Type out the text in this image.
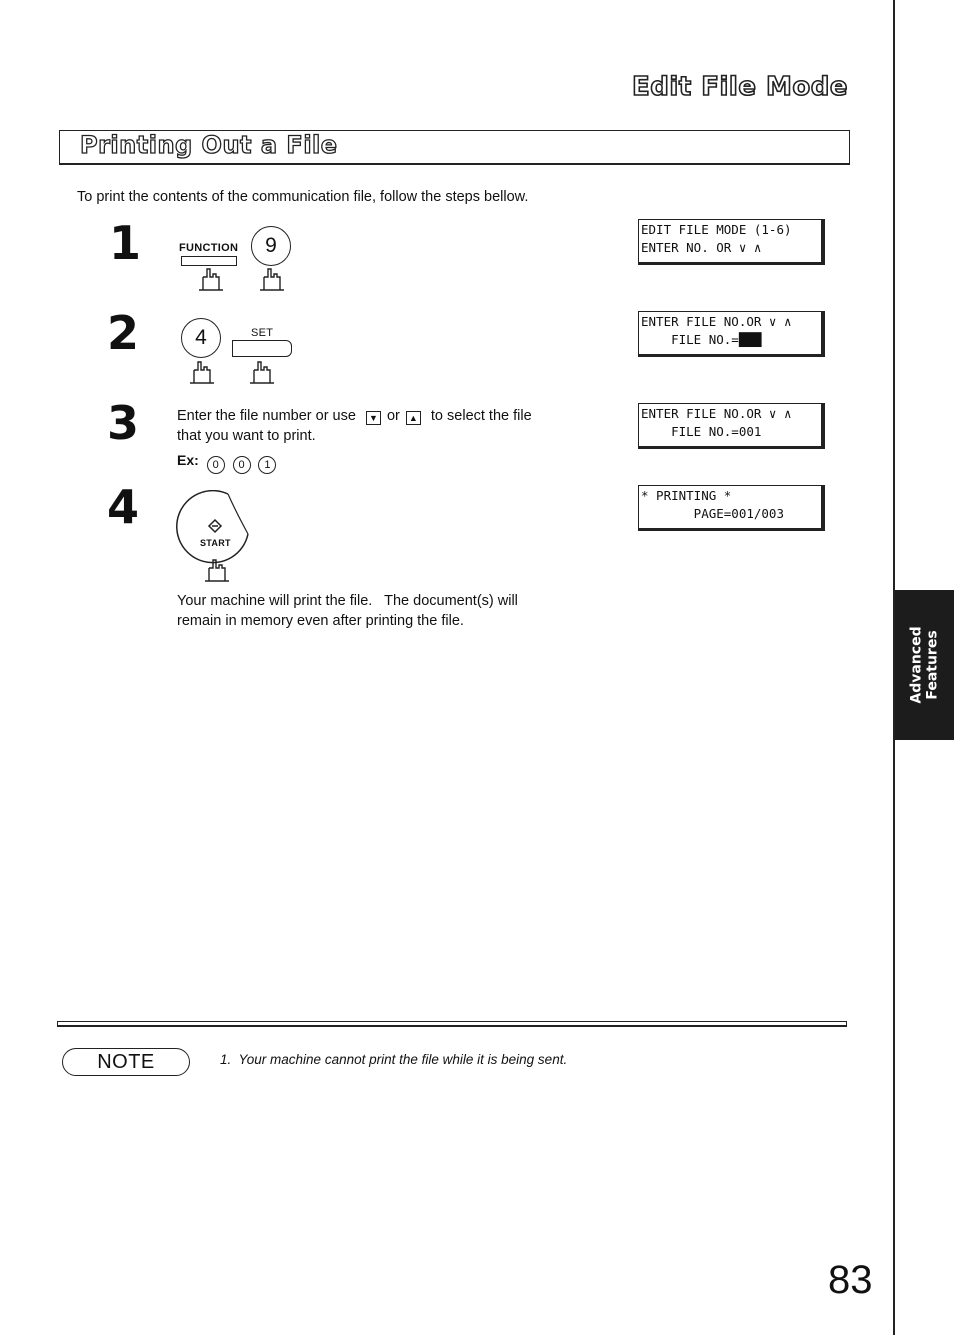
Advanced Features
Edit File Mode
Printing Out a File
To print the contents of the communication file, follow the steps bellow.
1	FUNCTION	9
2	4	SET
3	Enter the file number or use ▼ or ▲ to select the file
that you want to print.
Ex: 0 0 1
4
START
Your machine will print the file.   The document(s) will
remain in memory even after printing the file.
EDIT FILE MODE (1-6)
ENTER NO. OR ∨ ∧
ENTER FILE NO.OR ∨ ∧
FILE NO.=███
ENTER FILE NO.OR ∨ ∧
FILE NO.=001
* PRINTING *
PAGE=001/003
NOTE	1.  Your machine cannot print the file while it is being sent.
83
